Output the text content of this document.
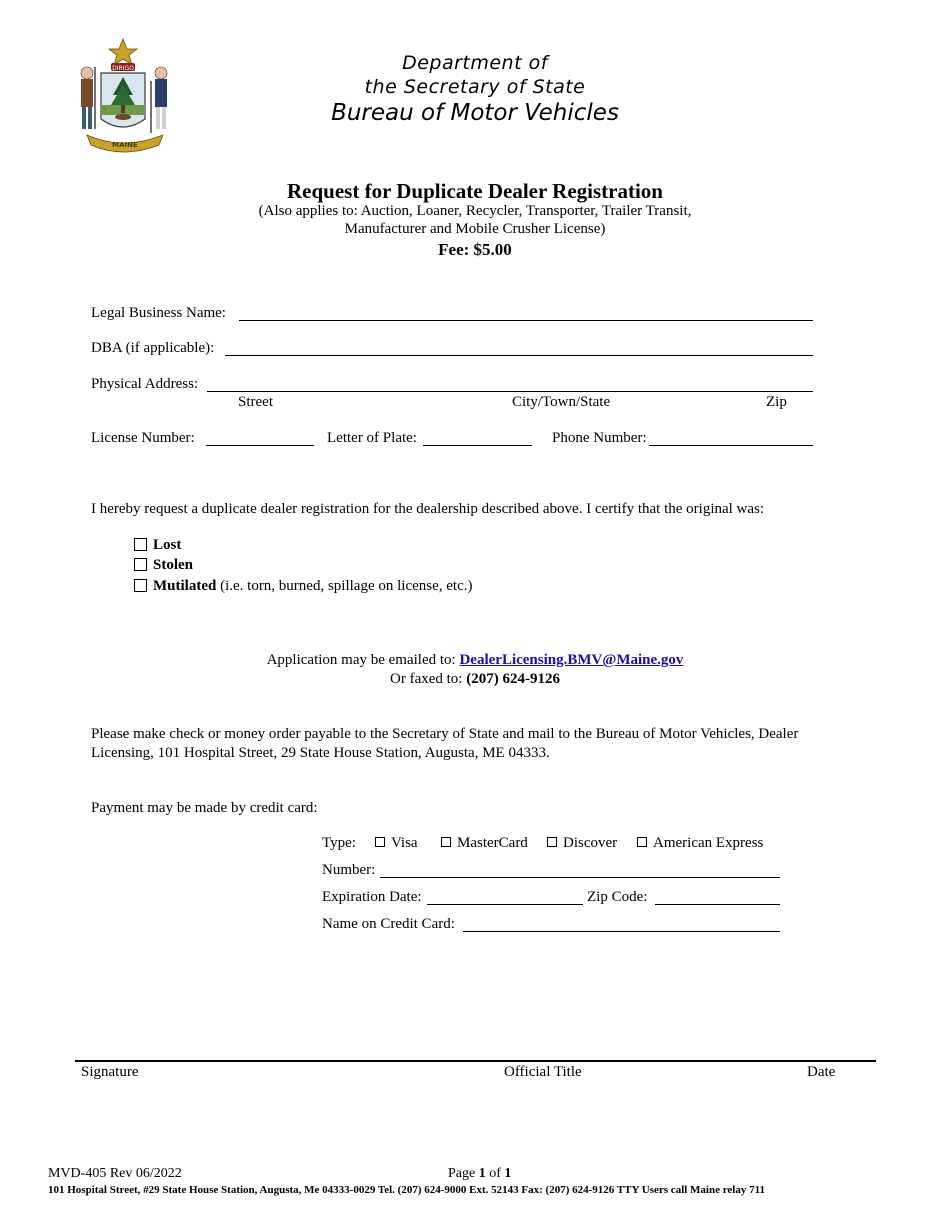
DIRIGO
MAINE
Department of
the Secretary of State
Bureau of Motor Vehicles
Request for Duplicate Dealer Registration
(Also applies to: Auction, Loaner, Recycler, Transporter, Trailer Transit,
Manufacturer and Mobile Crusher License)
Fee: $5.00
Legal Business Name:
DBA (if applicable):
Physical Address:
Street	City/Town/State	Zip
License Number:	Letter of Plate:	Phone Number:
I hereby request a duplicate dealer registration for the dealership described above. I certify that the original was:
Lost
Stolen
Mutilated (i.e. torn, burned, spillage on license, etc.)
Application may be emailed to: DealerLicensing.BMV@Maine.gov
Or faxed to: (207) 624-9126
Please make check or money order payable to the Secretary of State and mail to the Bureau of Motor Vehicles, Dealer
Licensing, 101 Hospital Street, 29 State House Station, Augusta, ME 04333.
Payment may be made by credit card:
Type:	Visa	MasterCard	Discover	American Express
Number:
Expiration Date:	Zip Code:
Name on Credit Card:
Signature	Official Title	Date
MVD-405 Rev 06/2022	Page 1 of 1
101 Hospital Street, #29 State House Station, Augusta, Me 04333-0029 Tel. (207) 624-9000 Ext. 52143 Fax: (207) 624-9126 TTY Users call Maine relay 711
